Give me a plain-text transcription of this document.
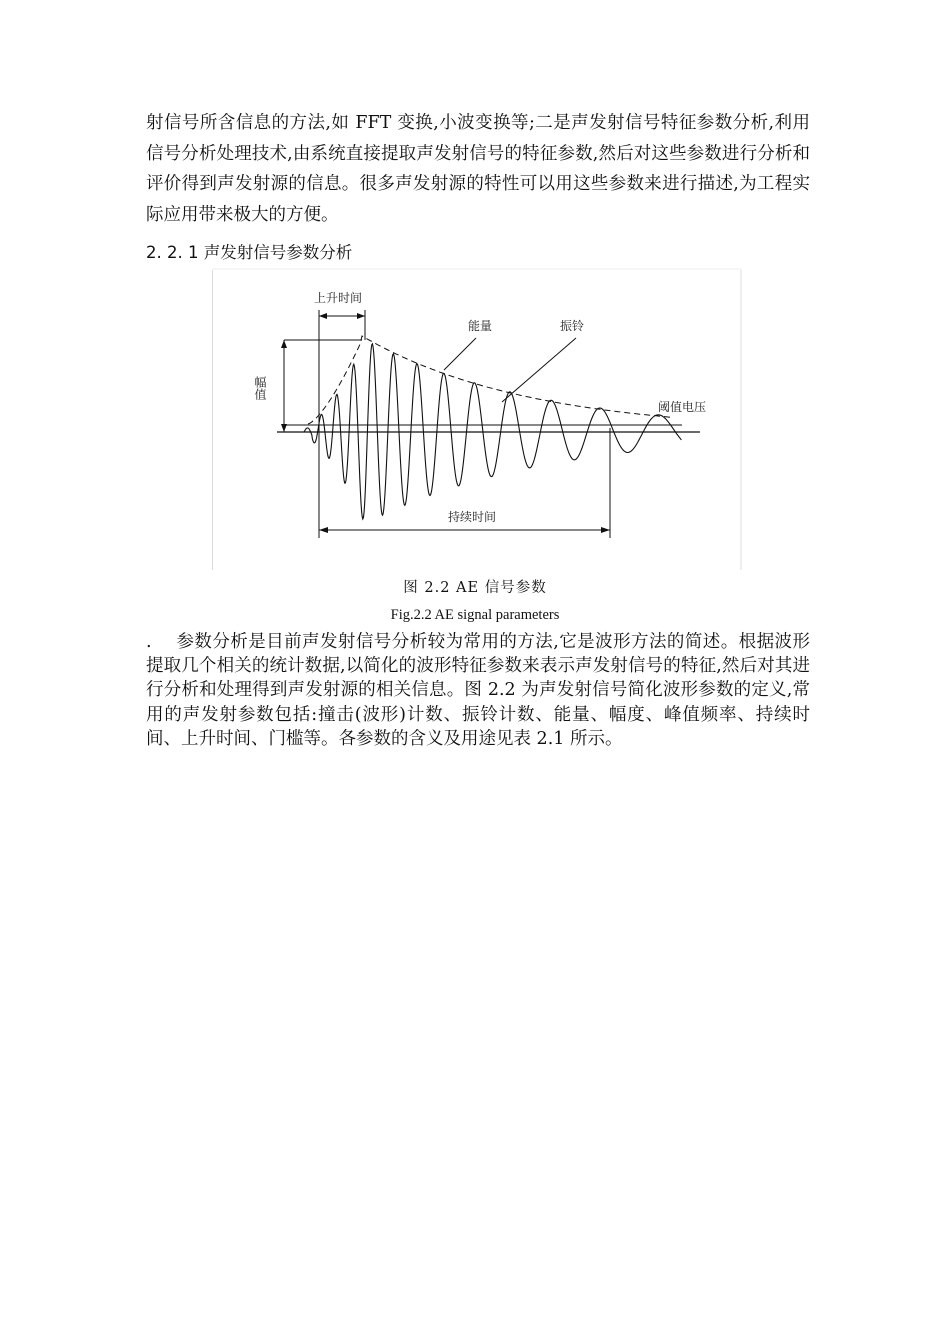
射信号所含信息的方法,如 FFT 变换,小波变换等;二是声发射信号特征参数分析,利用信号分析处理技术,由系统直接提取声发射信号的特征参数,然后对这些参数进行分析和评价得到声发射源的信息。很多声发射源的特性可以用这些参数来进行描述,为工程实际应用带来极大的方便。

2. 2. 1 声发射信号参数分析

幅值
上升时间
持续时间
能量	振铃
阈值电压

图 2.2 AE 信号参数

Fig.2.2 AE signal parameters

. 参数分析是目前声发射信号分析较为常用的方法,它是波形方法的简述。根据波形提取几个相关的统计数据,以简化的波形特征参数来表示声发射信号的特征,然后对其进行分析和处理得到声发射源的相关信息。图 2.2 为声发射信号简化波形参数的定义,常用的声发射参数包括:撞击(波形)计数、振铃计数、能量、幅度、峰值频率、持续时间、上升时间、门槛等。各参数的含义及用途见表 2.1 所示。
